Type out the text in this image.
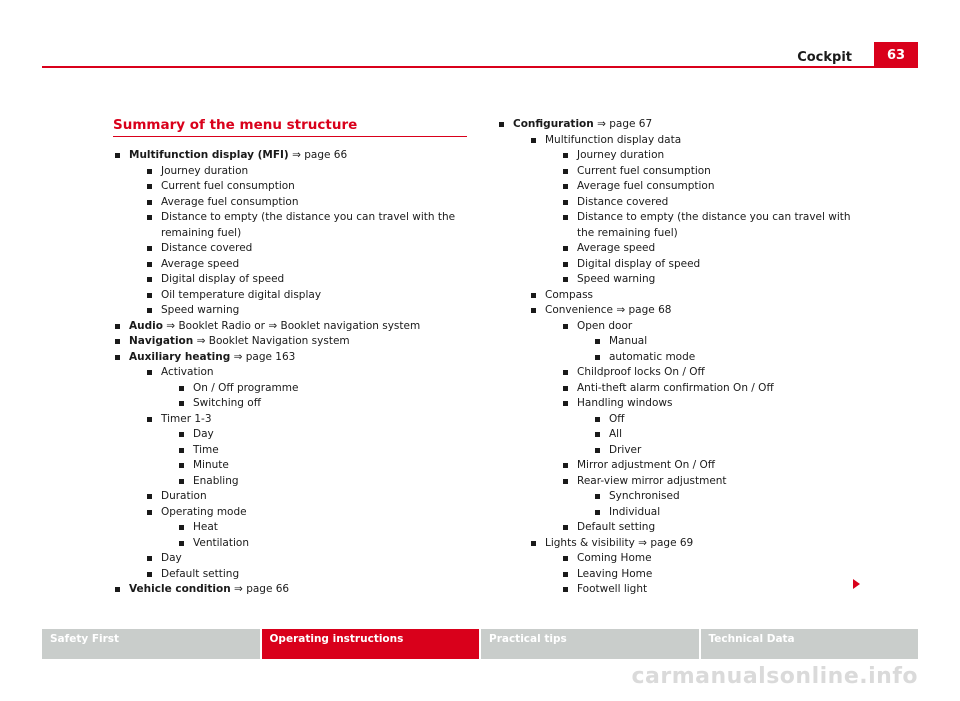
Cockpit	63
Summary of the menu structure
Multifunction display (MFI) ⇒ page 66
Journey duration
Current fuel consumption
Average fuel consumption
Distance to empty (the distance you can travel with the remaining fuel)
Distance covered
Average speed
Digital display of speed
Oil temperature digital display
Speed warning
Audio ⇒ Booklet Radio or ⇒ Booklet navigation system
Navigation ⇒ Booklet Navigation system
Auxiliary heating ⇒ page 163
Activation
On / Off programme
Switching off
Timer 1-3
Day
Time
Minute
Enabling
Duration
Operating mode
Heat
Ventilation
Day
Default setting
Vehicle condition ⇒ page 66
Configuration ⇒ page 67
Multifunction display data
Journey duration
Current fuel consumption
Average fuel consumption
Distance covered
Distance to empty (the distance you can travel with the remaining fuel)
Average speed
Digital display of speed
Speed warning
Compass
Convenience ⇒ page 68
Open door
Manual
automatic mode
Childproof locks On / Off
Anti-theft alarm confirmation On / Off
Handling windows
Off
All
Driver
Mirror adjustment On / Off
Rear-view mirror adjustment
Synchronised
Individual
Default setting
Lights & visibility ⇒ page 69
Coming Home
Leaving Home
Footwell light
Safety First	Operating instructions	Practical tips	Technical Data
carmanualsonline.info
